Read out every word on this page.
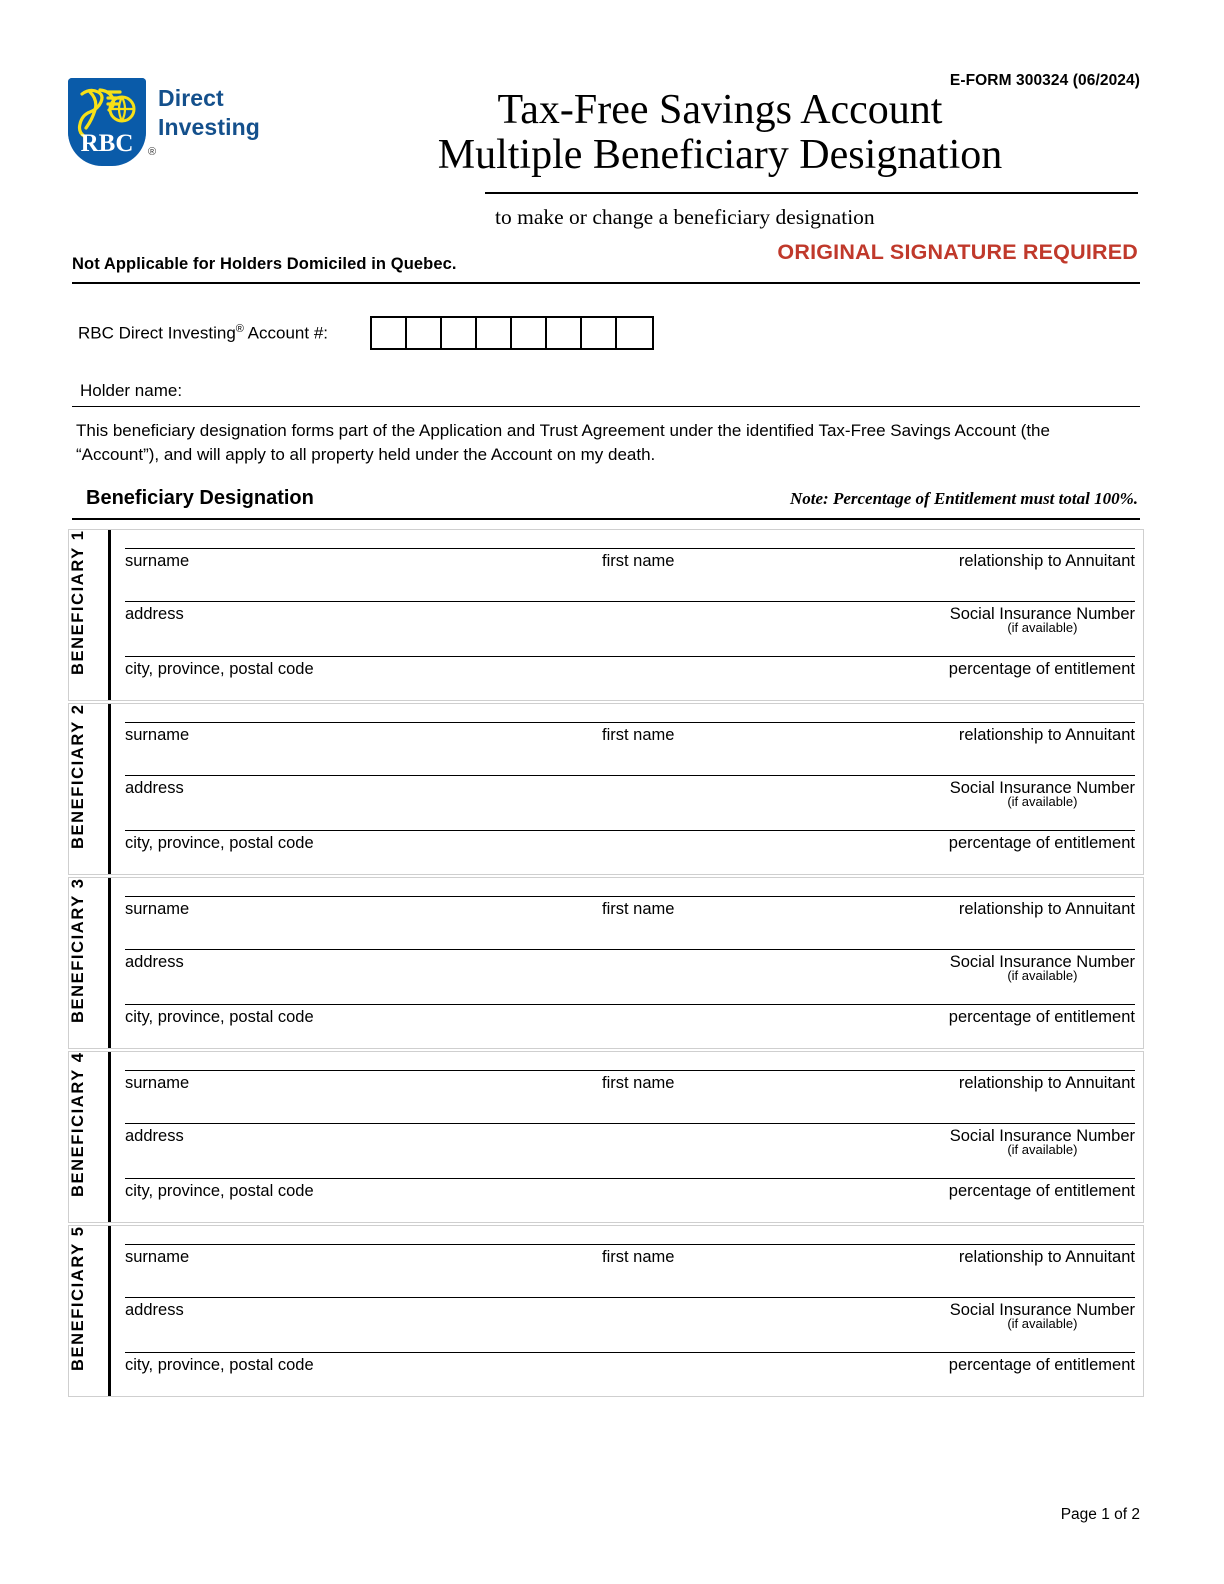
RBC
Direct
Investing
®
E-FORM 300324 (06/2024)
Tax-Free Savings Account
Multiple Beneficiary Designation
to make or change a beneficiary designation
ORIGINAL SIGNATURE REQUIRED
Not Applicable for Holders Domiciled in Quebec.
RBC Direct Investing® Account #:
Holder name:
This beneficiary designation forms part of the Application and Trust Agreement under the identified Tax-Free Savings Account (the “Account”), and will apply to all property held under the Account on my death.
Beneficiary Designation	Note: Percentage of Entitlement must total 100%.
BENEFICIARY 1 surname	first name	relationship to Annuitant
address	Social Insurance Number
(if available)
city, province, postal code	percentage of entitlement
BENEFICIARY 2 surname	first name	relationship to Annuitant
address	Social Insurance Number
(if available)
city, province, postal code	percentage of entitlement
BENEFICIARY 3 surname	first name	relationship to Annuitant
address	Social Insurance Number
(if available)
city, province, postal code	percentage of entitlement
BENEFICIARY 4 surname	first name	relationship to Annuitant
address	Social Insurance Number
(if available)
city, province, postal code	percentage of entitlement
BENEFICIARY 5 surname	first name	relationship to Annuitant
address	Social Insurance Number
(if available)
city, province, postal code	percentage of entitlement
Page 1 of 2
